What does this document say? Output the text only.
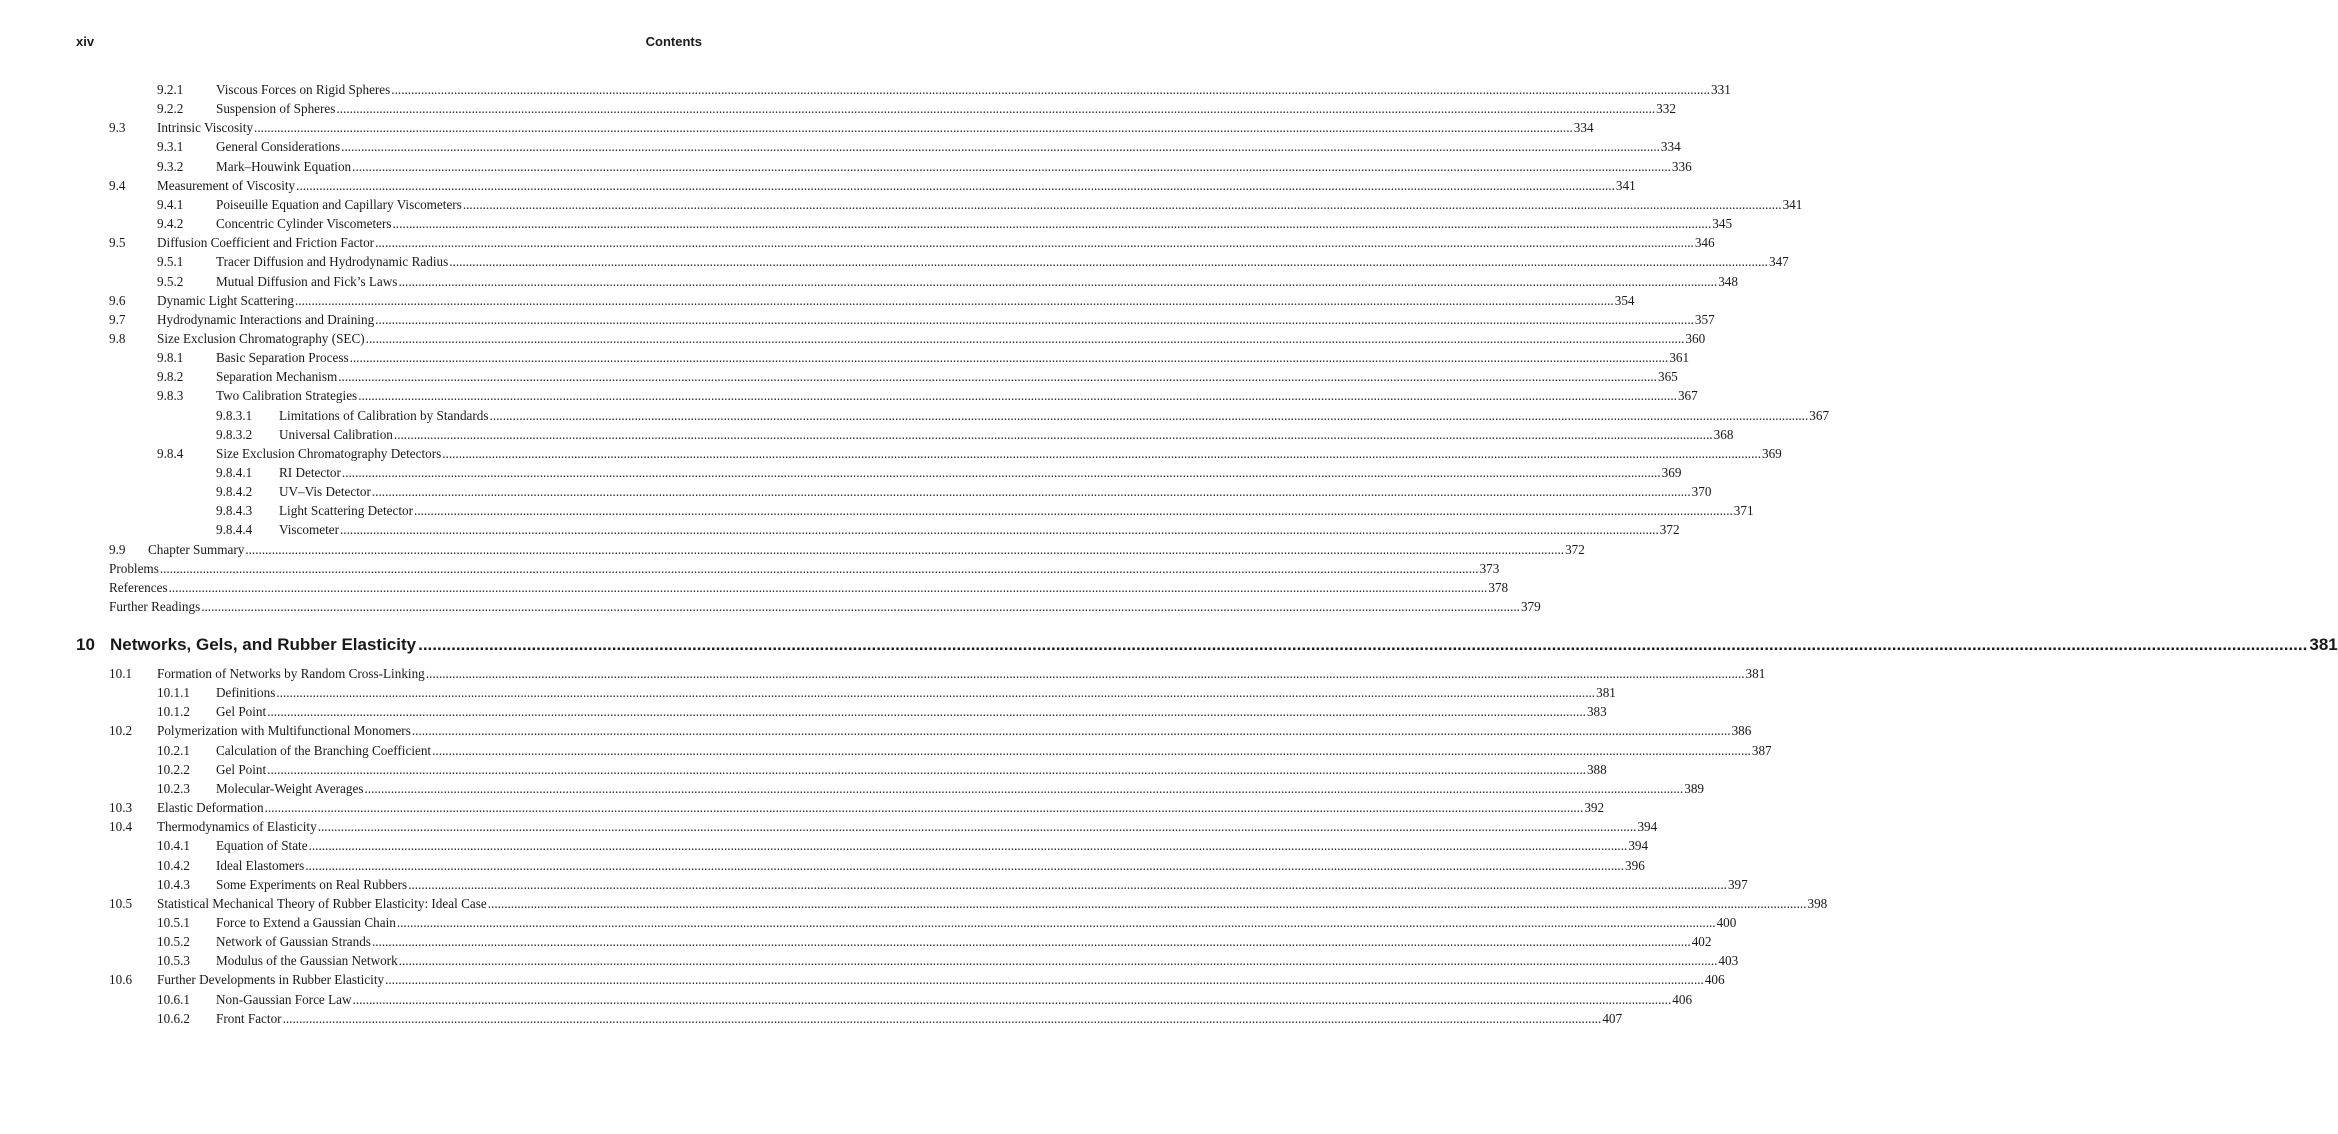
xiv	Contents
9.2.1 Viscous Forces on Rigid Spheres ................................................................................................................................................................................................................................................................................................................................................................................................................ 331
9.2.2 Suspension of Spheres ................................................................................................................................................................................................................................................................................................................................................................................................................ 332
9.3 Intrinsic Viscosity ................................................................................................................................................................................................................................................................................................................................................................................................................ 334
9.3.1 General Considerations ................................................................................................................................................................................................................................................................................................................................................................................................................ 334
9.3.2 Mark–Houwink Equation ................................................................................................................................................................................................................................................................................................................................................................................................................ 336
9.4 Measurement of Viscosity ................................................................................................................................................................................................................................................................................................................................................................................................................ 341
9.4.1 Poiseuille Equation and Capillary Viscometers ................................................................................................................................................................................................................................................................................................................................................................................................................ 341
9.4.2 Concentric Cylinder Viscometers ................................................................................................................................................................................................................................................................................................................................................................................................................ 345
9.5 Diffusion Coefficient and Friction Factor ................................................................................................................................................................................................................................................................................................................................................................................................................ 346
9.5.1 Tracer Diffusion and Hydrodynamic Radius ................................................................................................................................................................................................................................................................................................................................................................................................................ 347
9.5.2 Mutual Diffusion and Fick’s Laws ................................................................................................................................................................................................................................................................................................................................................................................................................ 348
9.6 Dynamic Light Scattering ................................................................................................................................................................................................................................................................................................................................................................................................................ 354
9.7 Hydrodynamic Interactions and Draining ................................................................................................................................................................................................................................................................................................................................................................................................................ 357
9.8 Size Exclusion Chromatography (SEC) ................................................................................................................................................................................................................................................................................................................................................................................................................ 360
9.8.1 Basic Separation Process ................................................................................................................................................................................................................................................................................................................................................................................................................ 361
9.8.2 Separation Mechanism ................................................................................................................................................................................................................................................................................................................................................................................................................ 365
9.8.3 Two Calibration Strategies ................................................................................................................................................................................................................................................................................................................................................................................................................ 367
9.8.3.1 Limitations of Calibration by Standards ................................................................................................................................................................................................................................................................................................................................................................................................................ 367
9.8.3.2 Universal Calibration ................................................................................................................................................................................................................................................................................................................................................................................................................ 368
9.8.4 Size Exclusion Chromatography Detectors ................................................................................................................................................................................................................................................................................................................................................................................................................ 369
9.8.4.1 RI Detector ................................................................................................................................................................................................................................................................................................................................................................................................................ 369
9.8.4.2 UV–Vis Detector ................................................................................................................................................................................................................................................................................................................................................................................................................ 370
9.8.4.3 Light Scattering Detector ................................................................................................................................................................................................................................................................................................................................................................................................................ 371
9.8.4.4 Viscometer ................................................................................................................................................................................................................................................................................................................................................................................................................ 372
9.9 Chapter Summary ................................................................................................................................................................................................................................................................................................................................................................................................................ 372
Problems ................................................................................................................................................................................................................................................................................................................................................................................................................ 373
References ................................................................................................................................................................................................................................................................................................................................................................................................................ 378
Further Readings ................................................................................................................................................................................................................................................................................................................................................................................................................ 379
10 Networks, Gels, and Rubber Elasticity ................................................................................................................................................................................................................................................................................................................................................................................................................ 381
10.1 Formation of Networks by Random Cross-Linking ................................................................................................................................................................................................................................................................................................................................................................................................................ 381
10.1.1 Definitions ................................................................................................................................................................................................................................................................................................................................................................................................................ 381
10.1.2 Gel Point ................................................................................................................................................................................................................................................................................................................................................................................................................ 383
10.2 Polymerization with Multifunctional Monomers ................................................................................................................................................................................................................................................................................................................................................................................................................ 386
10.2.1 Calculation of the Branching Coefficient ................................................................................................................................................................................................................................................................................................................................................................................................................ 387
10.2.2 Gel Point ................................................................................................................................................................................................................................................................................................................................................................................................................ 388
10.2.3 Molecular-Weight Averages ................................................................................................................................................................................................................................................................................................................................................................................................................ 389
10.3 Elastic Deformation ................................................................................................................................................................................................................................................................................................................................................................................................................ 392
10.4 Thermodynamics of Elasticity ................................................................................................................................................................................................................................................................................................................................................................................................................ 394
10.4.1 Equation of State ................................................................................................................................................................................................................................................................................................................................................................................................................ 394
10.4.2 Ideal Elastomers ................................................................................................................................................................................................................................................................................................................................................................................................................ 396
10.4.3 Some Experiments on Real Rubbers ................................................................................................................................................................................................................................................................................................................................................................................................................ 397
10.5 Statistical Mechanical Theory of Rubber Elasticity: Ideal Case ................................................................................................................................................................................................................................................................................................................................................................................................................ 398
10.5.1 Force to Extend a Gaussian Chain ................................................................................................................................................................................................................................................................................................................................................................................................................ 400
10.5.2 Network of Gaussian Strands ................................................................................................................................................................................................................................................................................................................................................................................................................ 402
10.5.3 Modulus of the Gaussian Network ................................................................................................................................................................................................................................................................................................................................................................................................................ 403
10.6 Further Developments in Rubber Elasticity ................................................................................................................................................................................................................................................................................................................................................................................................................ 406
10.6.1 Non-Gaussian Force Law ................................................................................................................................................................................................................................................................................................................................................................................................................ 406
10.6.2 Front Factor ................................................................................................................................................................................................................................................................................................................................................................................................................ 407
